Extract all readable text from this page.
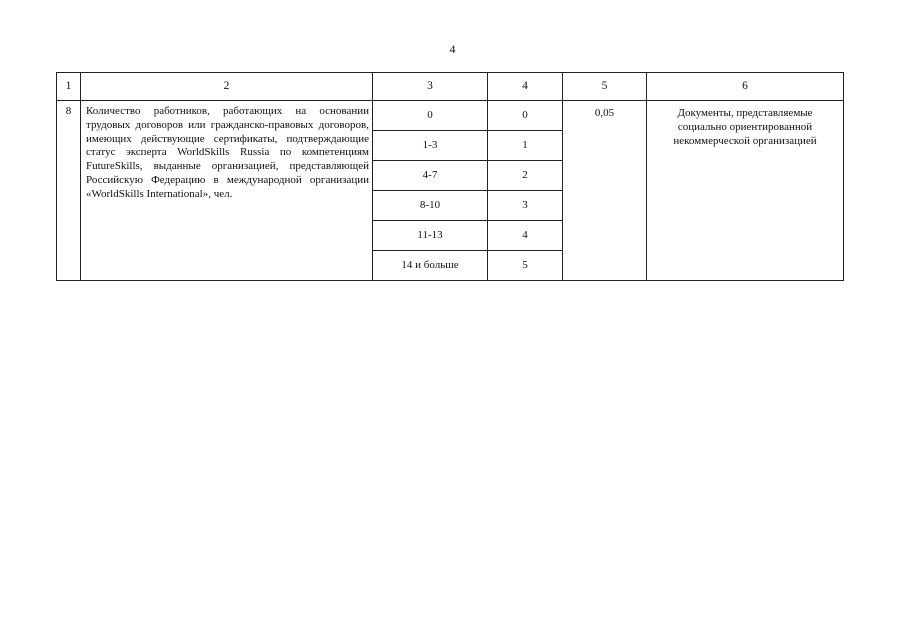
4
1	2	3	4	5	6
8	Количество работников, работающих на основании трудовых договоров или гражданско-правовых договоров, имеющих действующие сертификаты, подтверждающие статус эксперта WorldSkills Russia по компетенциям FutureSkills, выданные организацией, представляющей Российскую Федерацию в международной организации «WorldSkills International», чел.	0	0	0,05	Документы, представляемые социально ориентированной некоммерческой организацией
		1-3	1		
		4-7	2		
		8-10	3		
		11-13	4		
		14 и больше	5		
